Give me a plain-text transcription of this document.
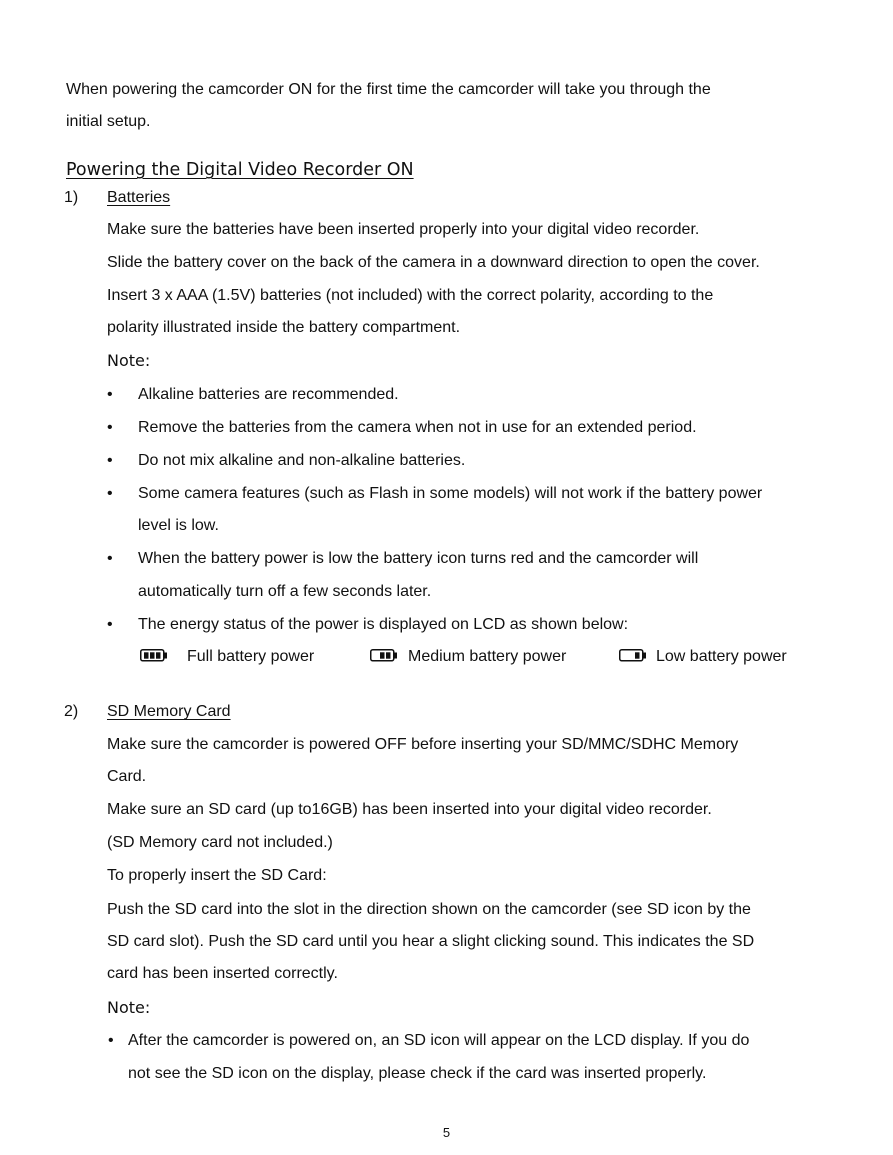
When powering the camcorder ON for the first time the camcorder will take you through the
initial setup.
Powering the Digital Video Recorder ON
1) Batteries
Make sure the batteries have been inserted properly into your digital video recorder.
Slide the battery cover on the back of the camera in a downward direction to open the cover.
Insert 3 x AAA (1.5V) batteries (not included) with the correct polarity, according to the
polarity illustrated inside the battery compartment.
Note:
• Alkaline batteries are recommended.
• Remove the batteries from the camera when not in use for an extended period.
• Do not mix alkaline and non-alkaline batteries.
• Some camera features (such as Flash in some models) will not work if the battery power
level is low.
• When the battery power is low the battery icon turns red and the camcorder will
automatically turn off a few seconds later.
• The energy status of the power is displayed on LCD as shown below:
Full battery power	Medium battery power	Low battery power
2) SD Memory Card
Make sure the camcorder is powered OFF before inserting your SD/MMC/SDHC Memory
Card.
Make sure an SD card (up to16GB) has been inserted into your digital video recorder.
(SD Memory card not included.)
To properly insert the SD Card:
Push the SD card into the slot in the direction shown on the camcorder (see SD icon by the
SD card slot). Push the SD card until you hear a slight clicking sound. This indicates the SD
card has been inserted correctly.
Note:
• After the camcorder is powered on, an SD icon will appear on the LCD display. If you do
not see the SD icon on the display, please check if the card was inserted properly.
5
